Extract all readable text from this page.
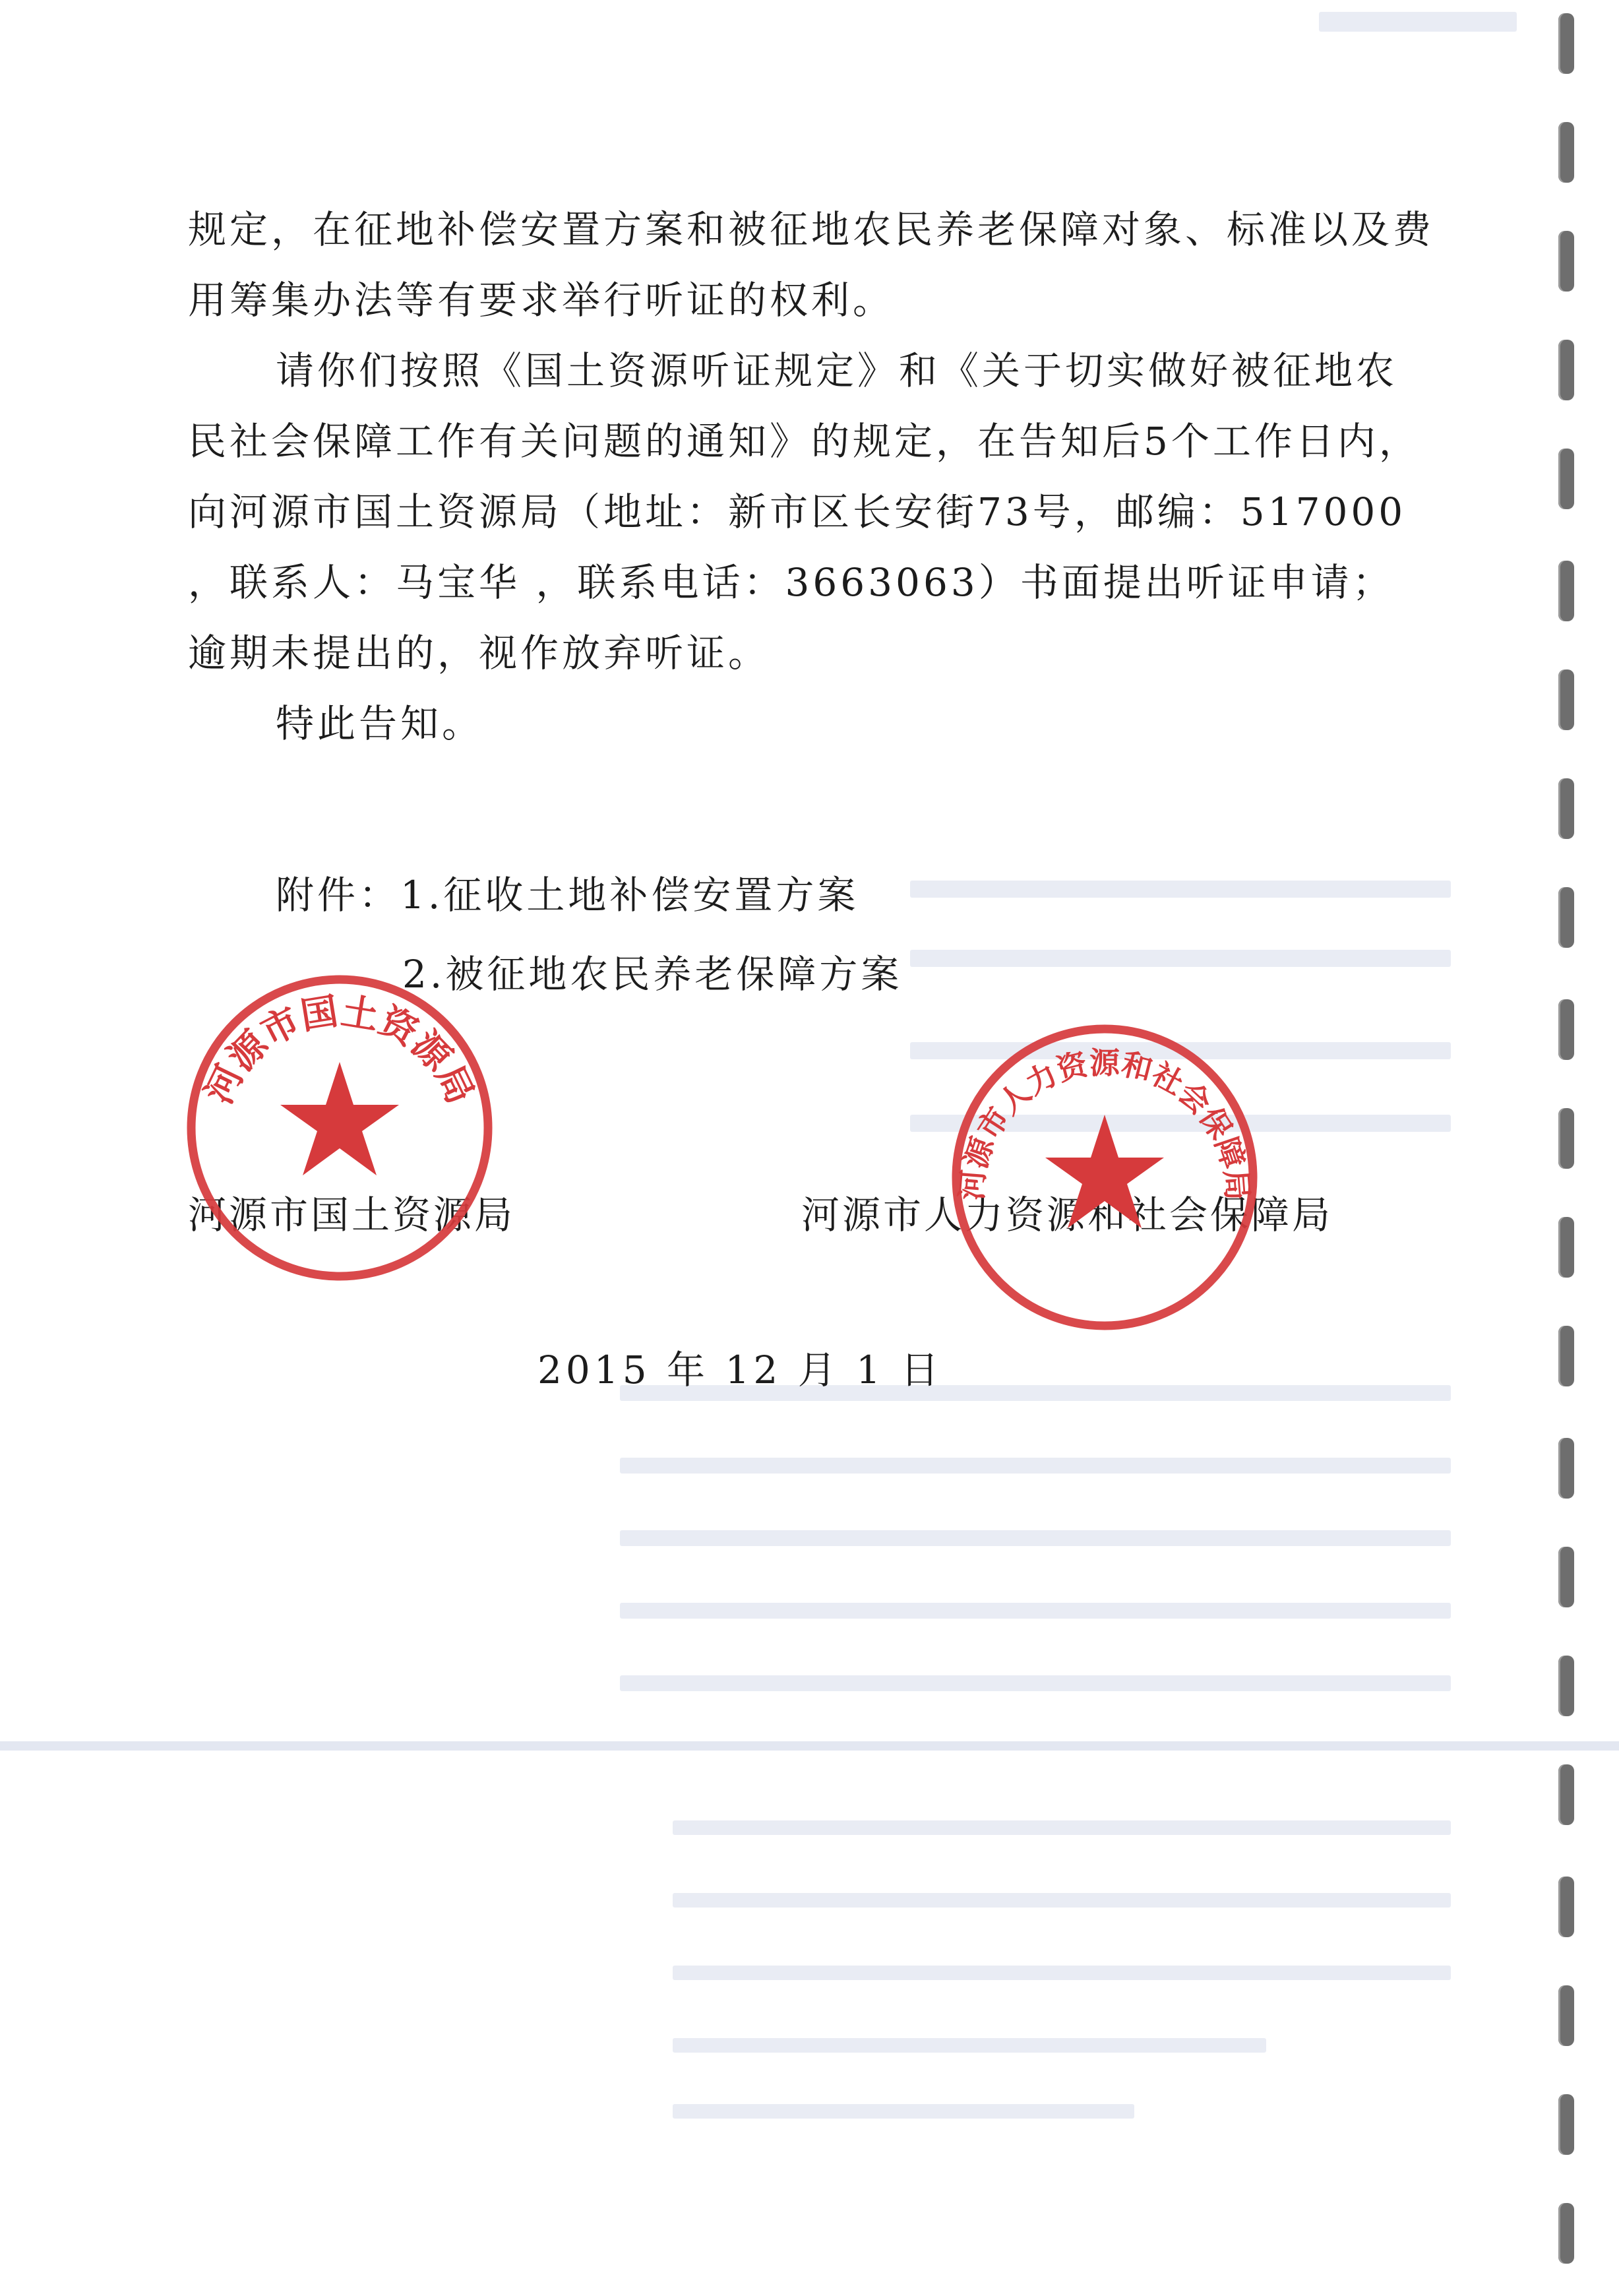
规定，在征地补偿安置方案和被征地农民养老保障对象、标准以及费用筹集办法等有要求举行听证的权利。

请你们按照《国土资源听证规定》和《关于切实做好被征地农民社会保障工作有关问题的通知》的规定，在告知后5个工作日内，向河源市国土资源局（地址：新市区长安街73号，邮编：517000 ，联系人：马宝华 ，联系电话：3663063）书面提出听证申请；逾期未提出的，视作放弃听证。

特此告知。

附件：1.征收土地补偿安置方案
2.被征地农民养老保障方案
河源市国土资源局	河源市人力资源和社会保障局
2015 年 12 月 1 日
河源市国土资源局
河源市人力资源和社会保障局
